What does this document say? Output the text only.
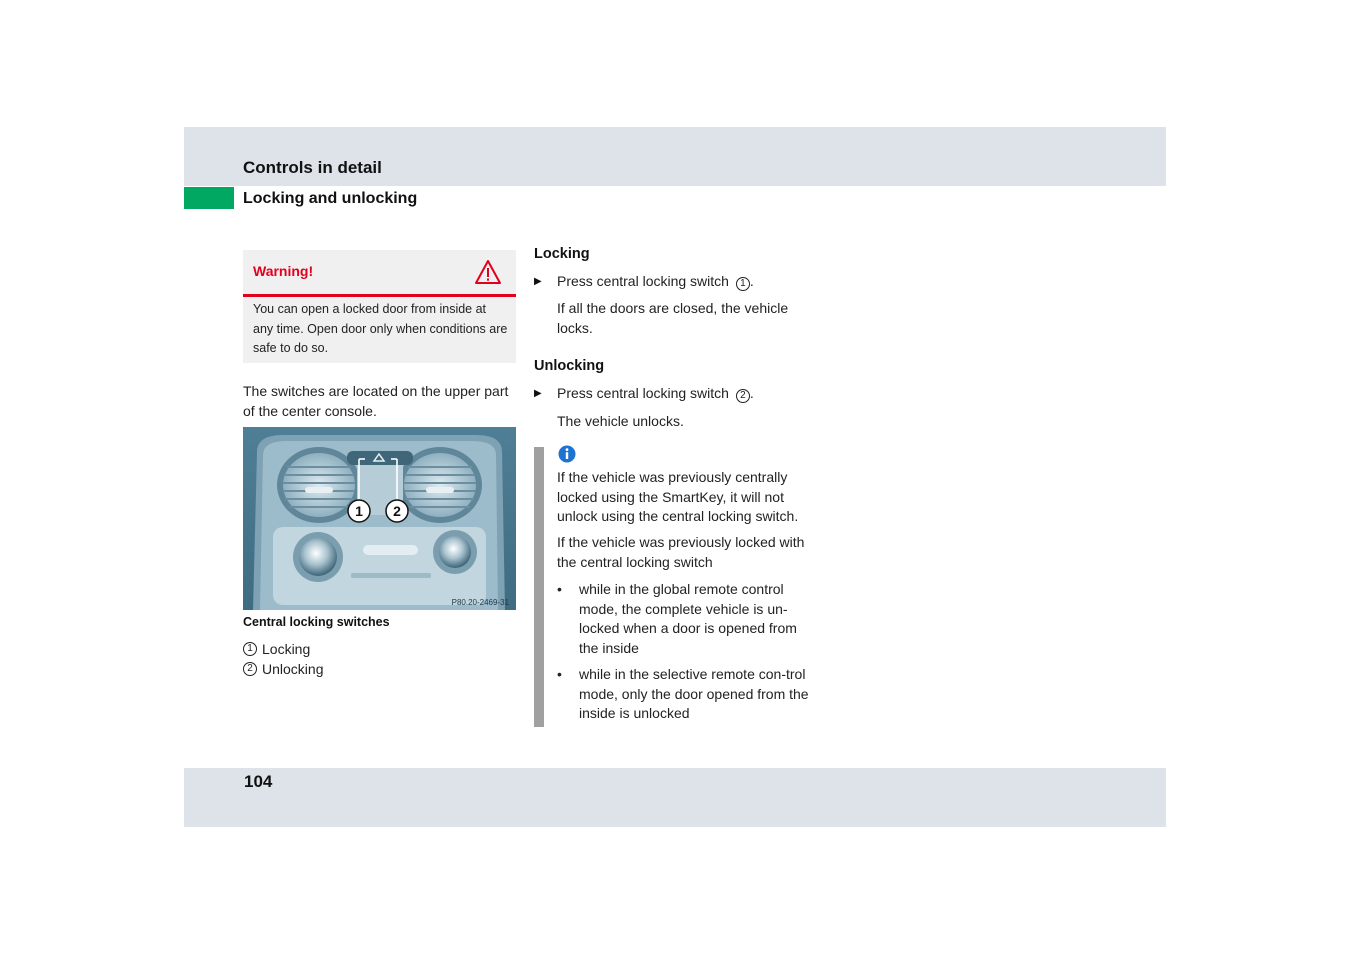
Controls in detail
Locking and unlocking
Warning!
You can open a locked door from inside at any time. Open door only when conditions are safe to do so.
The switches are located on the upper part of the center console.
1 2
P80.20-2469-31
Central locking switches
1 Locking
2 Unlocking
Locking
▶	Press central locking switch 1 .
If all the doors are closed, the vehicle locks.
Unlocking
▶	Press central locking switch 2 .
The vehicle unlocks.
If the vehicle was previously centrally locked using the SmartKey, it will not unlock using the central locking switch.
If the vehicle was previously locked with the central locking switch
•	while in the global remote control mode, the complete vehicle is un-locked when a door is opened from the inside
•	while in the selective remote con-trol mode, only the door opened from the inside is unlocked
104
